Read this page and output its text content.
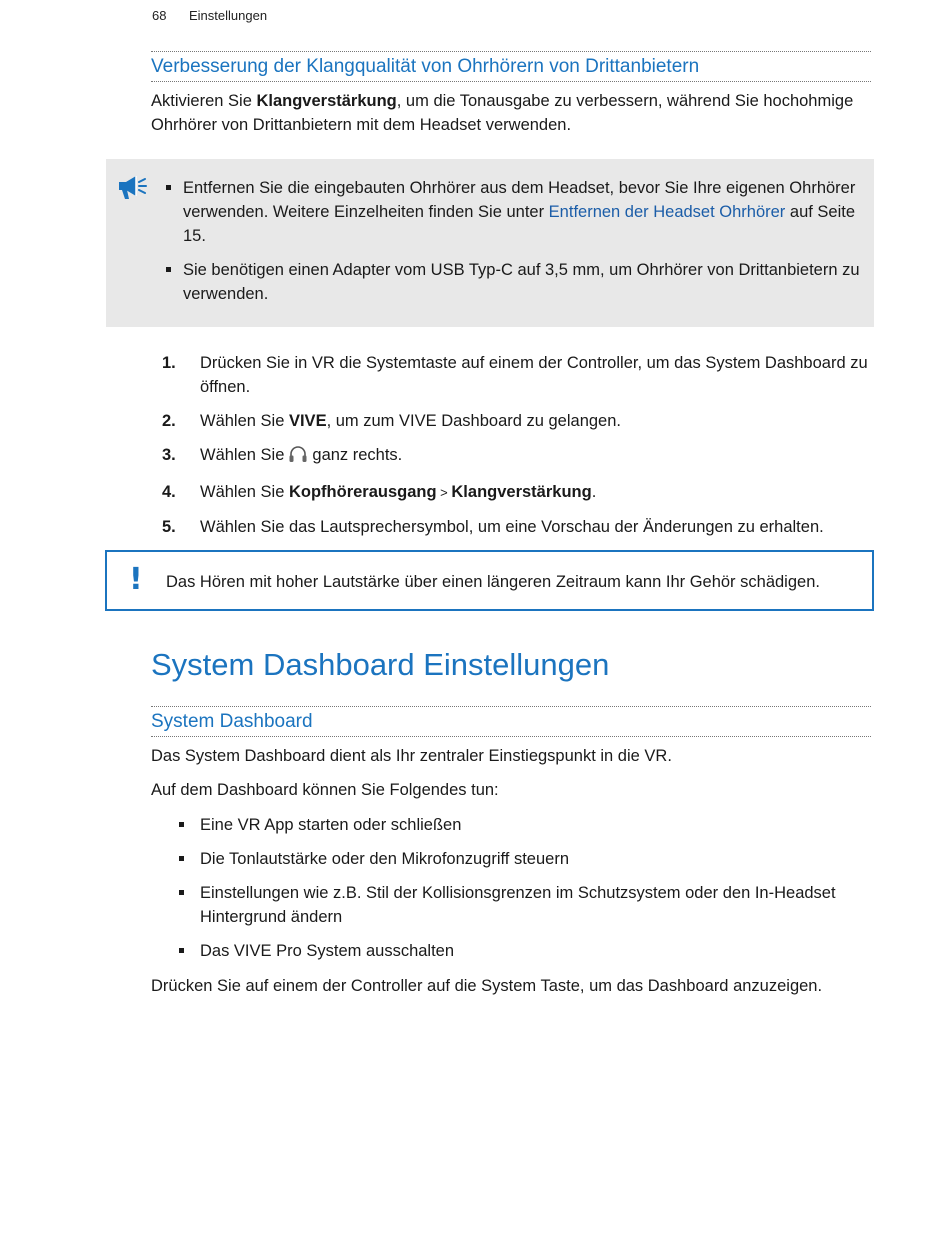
68 Einstellungen
Verbesserung der Klangqualität von Ohrhörern von Drittanbietern
Aktivieren Sie Klangverstärkung, um die Tonausgabe zu verbessern, während Sie hochohmige Ohrhörer von Drittanbietern mit dem Headset verwenden.
Entfernen Sie die eingebauten Ohrhörer aus dem Headset, bevor Sie Ihre eigenen Ohrhörer verwenden. Weitere Einzelheiten finden Sie unter Entfernen der Headset Ohrhörer auf Seite 15.
Sie benötigen einen Adapter vom USB Typ-C auf 3,5 mm, um Ohrhörer von Drittanbietern zu verwenden.
1. Drücken Sie in VR die Systemtaste auf einem der Controller, um das System Dashboard zu öffnen.
2. Wählen Sie VIVE, um zum VIVE Dashboard zu gelangen.
3. Wählen Sie ganz rechts.
4. Wählen Sie Kopfhörerausgang > Klangverstärkung.
5. Wählen Sie das Lautsprechersymbol, um eine Vorschau der Änderungen zu erhalten.
! Das Hören mit hoher Lautstärke über einen längeren Zeitraum kann Ihr Gehör schädigen.
System Dashboard Einstellungen
System Dashboard
Das System Dashboard dient als Ihr zentraler Einstiegspunkt in die VR.
Auf dem Dashboard können Sie Folgendes tun:
Eine VR App starten oder schließen
Die Tonlautstärke oder den Mikrofonzugriff steuern
Einstellungen wie z.B. Stil der Kollisionsgrenzen im Schutzsystem oder den In-Headset Hintergrund ändern
Das VIVE Pro System ausschalten
Drücken Sie auf einem der Controller auf die System Taste, um das Dashboard anzuzeigen.
